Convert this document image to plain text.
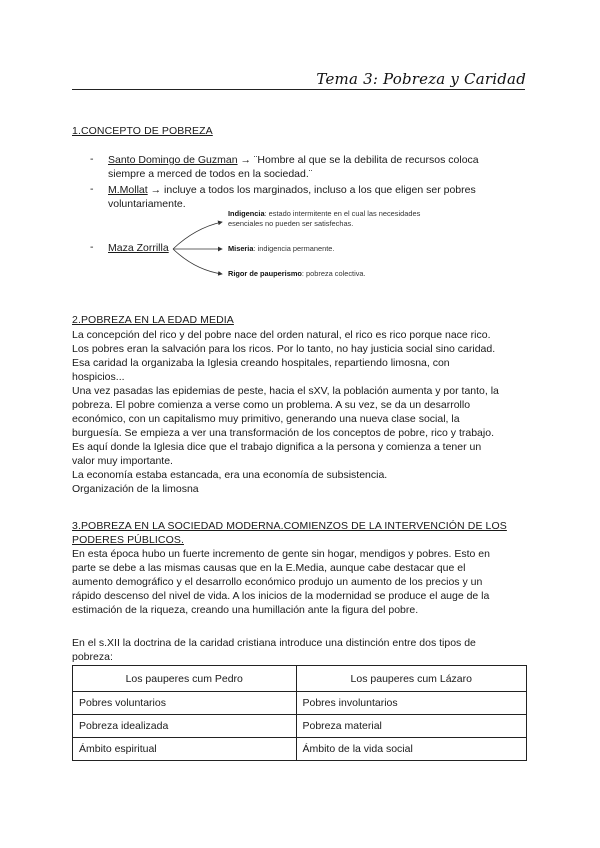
Tema 3: Pobreza y Caridad
1.CONCEPTO DE POBREZA
- Santo Domingo de Guzman → ¨Hombre al que se la debilita de recursos coloca
siempre a merced de todos en la sociedad.¨
- M.Mollat → incluye a todos los marginados, incluso a los que eligen ser pobres
voluntariamente.
- Maza Zorrilla
Indigencia: estado intermitente en el cual las necesidades
esenciales no pueden ser satisfechas.
Miseria: indigencia permanente.
Rigor de pauperismo: pobreza colectiva.
2.POBREZA EN LA EDAD MEDIA
La concepción del rico y del pobre nace del orden natural, el rico es rico porque nace rico.
Los pobres eran la salvación para los ricos. Por lo tanto, no hay justicia social sino caridad.
Esa caridad la organizaba la Iglesia creando hospitales, repartiendo limosna, con
hospicios...
Una vez pasadas las epidemias de peste, hacia el sXV, la población aumenta y por tanto, la
pobreza. El pobre comienza a verse como un problema. A su vez, se da un desarrollo
económico, con un capitalismo muy primitivo, generando una nueva clase social, la
burguesía. Se empieza a ver una transformación de los conceptos de pobre, rico y trabajo.
Es aquí donde la Iglesia dice que el trabajo dignifica a la persona y comienza a tener un
valor muy importante.
La economía estaba estancada, era una economía de subsistencia.
Organización de la limosna
3.POBREZA EN LA SOCIEDAD MODERNA.COMIENZOS DE LA INTERVENCIÓN DE LOS
PODERES PÚBLICOS.
En esta época hubo un fuerte incremento de gente sin hogar, mendigos y pobres. Esto en
parte se debe a las mismas causas que en la E.Media, aunque cabe destacar que el
aumento demográfico y el desarrollo económico produjo un aumento de los precios y un
rápido descenso del nivel de vida. A los inicios de la modernidad se produce el auge de la
estimación de la riqueza, creando una humillación ante la figura del pobre.
En el s.XII la doctrina de la caridad cristiana introduce una distinción entre dos tipos de
pobreza:
Los pauperes cum Pedro	Los pauperes cum Lázaro
Pobres voluntarios	Pobres involuntarios
Pobreza idealizada	Pobreza material
Ámbito espiritual	Ámbito de la vida social
